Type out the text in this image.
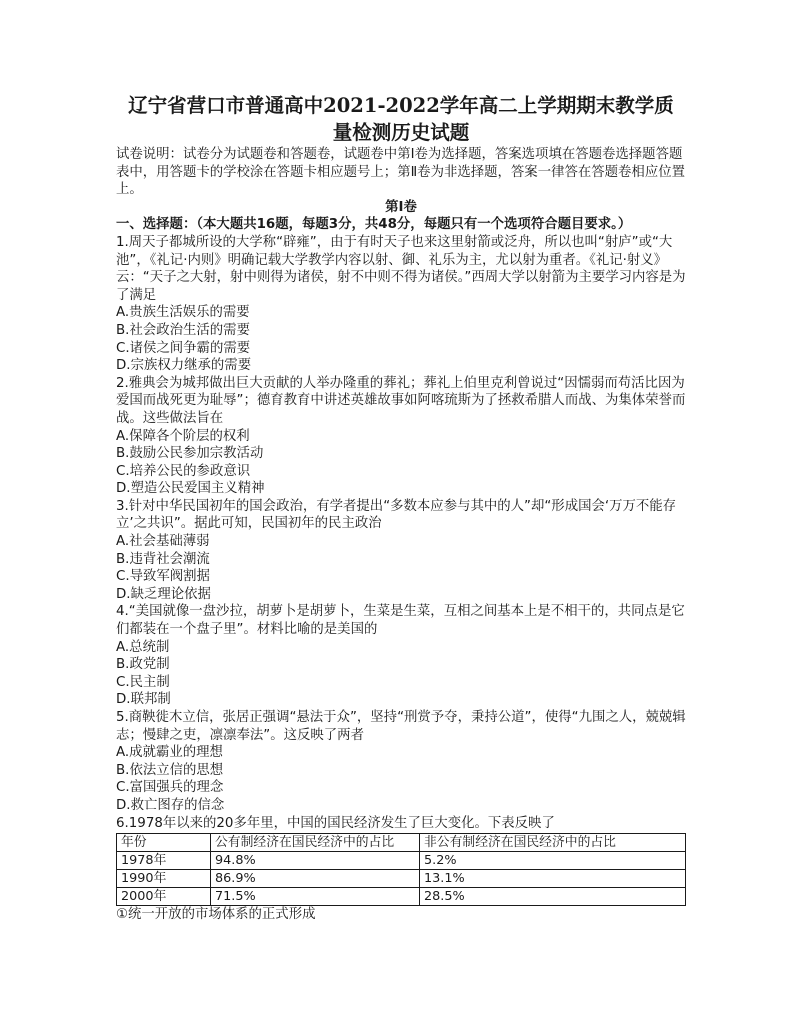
辽宁省营口市普通高中2021-2022学年高二上学期期末教学质
量检测历史试题
试卷说明：试卷分为试题卷和答题卷，试题卷中第Ⅰ卷为选择题，答案选项填在答题卷选择题答题表中，用答题卡的学校涂在答题卡相应题号上；第Ⅱ卷为非选择题，答案一律答在答题卷相应位置上。
第Ⅰ卷
一、选择题：（本大题共16题，每题3分，共48分，每题只有一个选项符合题目要求。）
1.周天子都城所设的大学称“辟雍”，由于有时天子也来这里射箭或泛舟，所以也叫“射庐”或“大池”，《礼记·内则》明确记载大学教学内容以射、御、礼乐为主，尤以射为重者。《礼记·射义》云：“天子之大射，射中则得为诸侯，射不中则不得为诸侯。”西周大学以射箭为主要学习内容是为了满足
A.贵族生活娱乐的需要
B.社会政治生活的需要
C.诸侯之间争霸的需要
D.宗族权力继承的需要
2.雅典会为城邦做出巨大贡献的人举办隆重的葬礼；葬礼上伯里克利曾说过“因懦弱而苟活比因为爱国而战死更为耻辱”；德育教育中讲述英雄故事如阿喀琉斯为了拯救希腊人而战、为集体荣誉而战。这些做法旨在
A.保障各个阶层的权利
B.鼓励公民参加宗教活动
C.培养公民的参政意识
D.塑造公民爱国主义精神
3.针对中华民国初年的国会政治，有学者提出“多数本应参与其中的人”却“形成国会‘万万不能存立’之共识”。据此可知，民国初年的民主政治
A.社会基础薄弱
B.违背社会潮流
C.导致军阀割据
D.缺乏理论依据
4.“美国就像一盘沙拉，胡萝卜是胡萝卜，生菜是生菜，互相之间基本上是不相干的，共同点是它们都装在一个盘子里”。材料比喻的是美国的
A.总统制
B.政党制
C.民主制
D.联邦制
5.商鞅徙木立信，张居正强调“悬法于众”，坚持“刑赏予夺，秉持公道”，使得“九围之人，兢兢辑志；慢肆之吏，凛凛奉法”。这反映了两者
A.成就霸业的理想
B.依法立信的思想
C.富国强兵的理念
D.救亡图存的信念
6.1978年以来的20多年里，中国的国民经济发生了巨大变化。下表反映了
年份	公有制经济在国民经济中的占比	非公有制经济在国民经济中的占比
1978年	94.8%	5.2%
1990年	86.9%	13.1%
2000年	71.5%	28.5%
①统一开放的市场体系的正式形成
